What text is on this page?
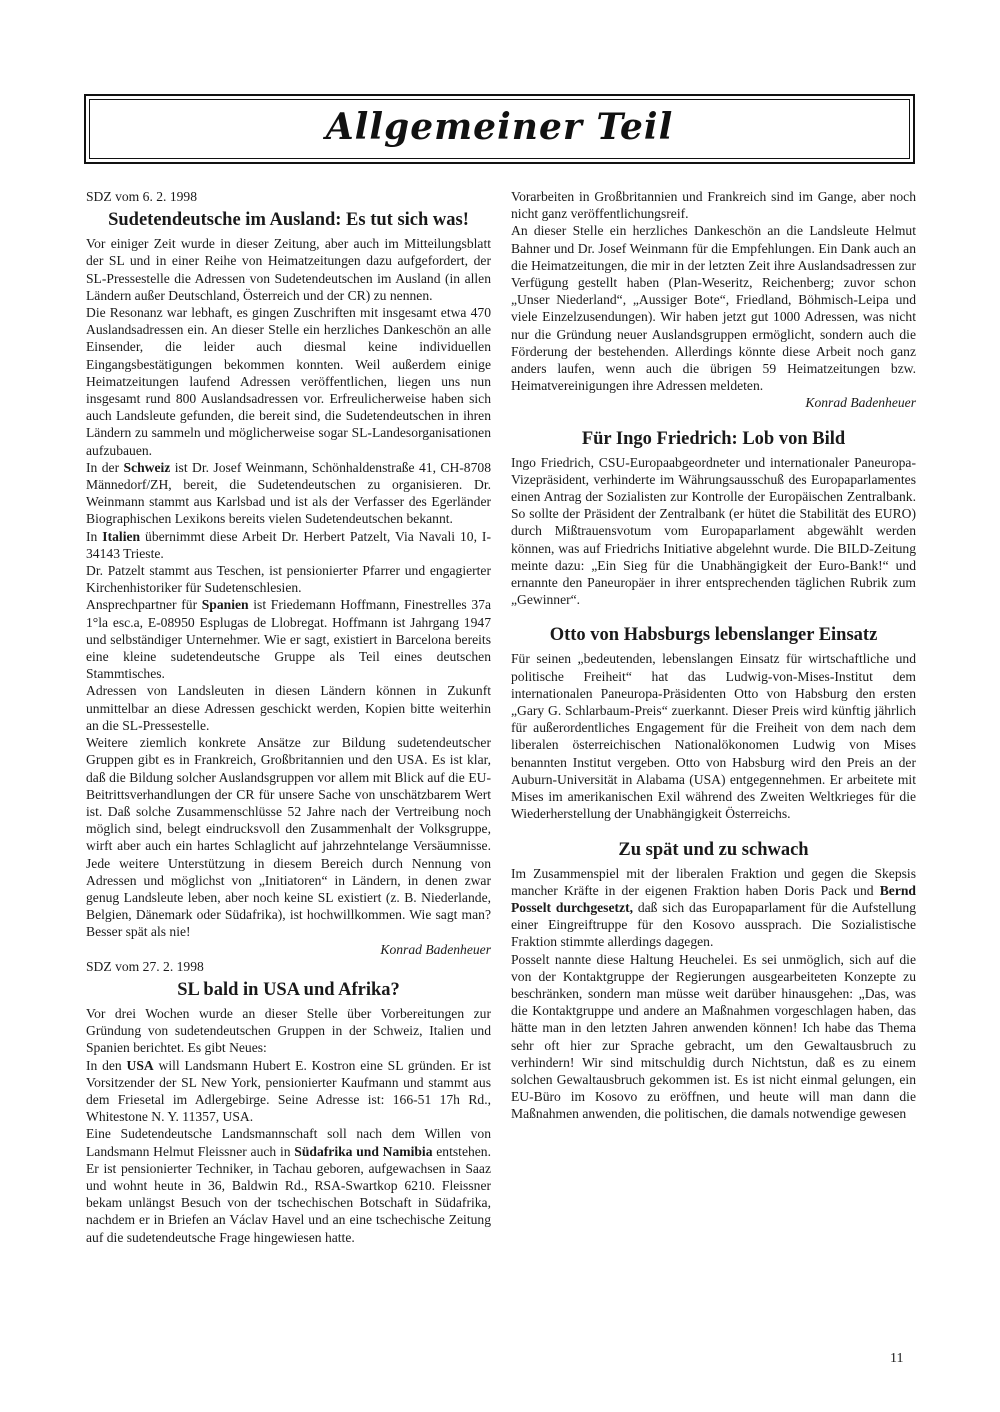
Allgemeiner Teil

SDZ vom 6. 2. 1998

Sudetendeutsche im Ausland: Es tut sich was!

Vor einiger Zeit wurde in dieser Zeitung, aber auch im Mitteilungsblatt der SL und in einer Reihe von Heimatzeitungen dazu aufgefordert, der SL-Pressestelle die Adressen von Sudetendeutschen im Ausland (in allen Ländern außer Deutschland, Österreich und der CR) zu nennen.

Die Resonanz war lebhaft, es gingen Zuschriften mit insgesamt etwa 470 Auslandsadressen ein. An dieser Stelle ein herzliches Dankeschön an alle Einsender, die leider auch diesmal keine individuellen Eingangsbestätigungen bekommen konnten. Weil außerdem einige Heimatzeitungen laufend Adressen veröffentlichen, liegen uns nun insgesamt rund 800 Auslandsadressen vor. Erfreulicherweise haben sich auch Landsleute gefunden, die bereit sind, die Sudetendeutschen in ihren Ländern zu sammeln und möglicherweise sogar SL-Landesorganisationen aufzubauen.

In der Schweiz ist Dr. Josef Weinmann, Schönhaldenstraße 41, CH-8708 Männedorf/ZH, bereit, die Sudetendeutschen zu organisieren. Dr. Weinmann stammt aus Karlsbad und ist als der Verfasser des Egerländer Biographischen Lexikons bereits vielen Sudetendeutschen bekannt.

In Italien übernimmt diese Arbeit Dr. Herbert Patzelt, Via Navali 10, I-34143 Trieste.

Dr. Patzelt stammt aus Teschen, ist pensionierter Pfarrer und engagierter Kirchenhistoriker für Sudetenschlesien.

Ansprechpartner für Spanien ist Friedemann Hoffmann, Finestrelles 37a 1°la esc.a, E-08950 Esplugas de Llobregat. Hoffmann ist Jahrgang 1947 und selbständiger Unternehmer. Wie er sagt, existiert in Barcelona bereits eine kleine sudetendeutsche Gruppe als Teil eines deutschen Stammtisches.

Adressen von Landsleuten in diesen Ländern können in Zukunft unmittelbar an diese Adressen geschickt werden, Kopien bitte weiterhin an die SL-Pressestelle.

Weitere ziemlich konkrete Ansätze zur Bildung sudetendeutscher Gruppen gibt es in Frankreich, Großbritannien und den USA. Es ist klar, daß die Bildung solcher Auslandsgruppen vor allem mit Blick auf die EU-Beitrittsverhandlungen der CR für unsere Sache von unschätzbarem Wert ist. Daß solche Zusammenschlüsse 52 Jahre nach der Vertreibung noch möglich sind, belegt eindrucksvoll den Zusammenhalt der Volksgruppe, wirft aber auch ein hartes Schlaglicht auf jahrzehntelange Versäumnisse. Jede weitere Unterstützung in diesem Bereich durch Nennung von Adressen und möglichst von „Initiatoren“ in Ländern, in denen zwar genug Landsleute leben, aber noch keine SL existiert (z. B. Niederlande, Belgien, Dänemark oder Südafrika), ist hochwillkommen. Wie sagt man? Besser spät als nie!

Konrad Badenheuer

SDZ vom 27. 2. 1998

SL bald in USA und Afrika?

Vor drei Wochen wurde an dieser Stelle über Vorbereitungen zur Gründung von sudetendeutschen Gruppen in der Schweiz, Italien und Spanien berichtet. Es gibt Neues:

In den USA will Landsmann Hubert E. Kostron eine SL gründen. Er ist Vorsitzender der SL New York, pensionierter Kaufmann und stammt aus dem Friesetal im Adlergebirge. Seine Adresse ist: 166-51 17h Rd., Whitestone N. Y. 11357, USA.

Eine Sudetendeutsche Landsmannschaft soll nach dem Willen von Landsmann Helmut Fleissner auch in Südafrika und Namibia entstehen. Er ist pensionierter Techniker, in Tachau geboren, aufgewachsen in Saaz und wohnt heute in 36, Baldwin Rd., RSA-Swartkop 6210. Fleissner bekam unlängst Besuch von der tschechischen Botschaft in Südafrika, nachdem er in Briefen an Václav Havel und an eine tschechische Zeitung auf die sudetendeutsche Frage hingewiesen hatte.

Vorarbeiten in Großbritannien und Frankreich sind im Gange, aber noch nicht ganz veröffentlichungsreif.

An dieser Stelle ein herzliches Dankeschön an die Landsleute Helmut Bahner und Dr. Josef Weinmann für die Empfehlungen. Ein Dank auch an die Heimatzeitungen, die mir in der letzten Zeit ihre Auslandsadressen zur Verfügung gestellt haben (Plan-Weseritz, Reichenberg; zuvor schon „Unser Niederland“, „Aussiger Bote“, Friedland, Böhmisch-Leipa und viele Einzelzusendungen). Wir haben jetzt gut 1000 Adressen, was nicht nur die Gründung neuer Auslandsgruppen ermöglicht, sondern auch die Förderung der bestehenden. Allerdings könnte diese Arbeit noch ganz anders laufen, wenn auch die übrigen 59 Heimatzeitungen bzw. Heimatvereinigungen ihre Adressen meldeten.

Konrad Badenheuer

Für Ingo Friedrich: Lob von Bild

Ingo Friedrich, CSU-Europaabgeordneter und internationaler Paneuropa-Vizepräsident, verhinderte im Währungsausschuß des Europaparlamentes einen Antrag der Sozialisten zur Kontrolle der Europäischen Zentralbank. So sollte der Präsident der Zentralbank (er hütet die Stabilität des EURO) durch Mißtrauensvotum vom Europaparlament abgewählt werden können, was auf Friedrichs Initiative abgelehnt wurde. Die BILD-Zeitung meinte dazu: „Ein Sieg für die Unabhängigkeit der Euro-Bank!“ und ernannte den Paneuropäer in ihrer entsprechenden täglichen Rubrik zum „Gewinner“.

Otto von Habsburgs lebenslanger Einsatz

Für seinen „bedeutenden, lebenslangen Einsatz für wirtschaftliche und politische Freiheit“ hat das Ludwig-von-Mises-Institut dem internationalen Paneuropa-Präsidenten Otto von Habsburg den ersten „Gary G. Schlarbaum-Preis“ zuerkannt. Dieser Preis wird künftig jährlich für außerordentliches Engagement für die Freiheit von dem nach dem liberalen österreichischen Nationalökonomen Ludwig von Mises benannten Institut vergeben. Otto von Habsburg wird den Preis an der Auburn-Universität in Alabama (USA) entgegennehmen. Er arbeitete mit Mises im amerikanischen Exil während des Zweiten Weltkrieges für die Wiederherstellung der Unabhängigkeit Österreichs.

Zu spät und zu schwach

Im Zusammenspiel mit der liberalen Fraktion und gegen die Skepsis mancher Kräfte in der eigenen Fraktion haben Doris Pack und Bernd Posselt durchgesetzt, daß sich das Europaparlament für die Aufstellung einer Eingreiftruppe für den Kosovo aussprach. Die Sozialistische Fraktion stimmte allerdings dagegen.

Posselt nannte diese Haltung Heuchelei. Es sei unmöglich, sich auf die von der Kontaktgruppe der Regierungen ausgearbeiteten Konzepte zu beschränken, sondern man müsse weit darüber hinausgehen: „Das, was die Kontaktgruppe und andere an Maßnahmen vorgeschlagen haben, das hätte man in den letzten Jahren anwenden können! Ich habe das Thema sehr oft hier zur Sprache gebracht, um den Gewaltausbruch zu verhindern! Wir sind mitschuldig durch Nichtstun, daß es zu einem solchen Gewaltausbruch gekommen ist. Es ist nicht einmal gelungen, ein EU-Büro im Kosovo zu eröffnen, und heute will man dann die Maßnahmen anwenden, die politischen, die damals notwendige gewesen

11
